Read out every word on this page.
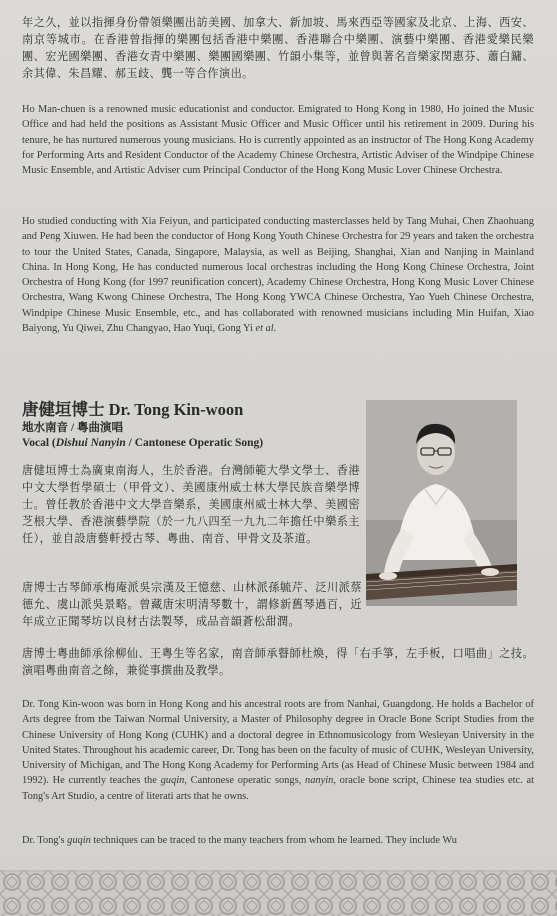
年之久，並以指揮身份帶領樂團出訪美國、加拿大、新加坡、馬來西亞等國家及北京、上海、西安、南京等城市。在香港曾指揮的樂團包括香港中樂團、香港聯合中樂團、演藝中樂團、香港愛樂民樂團、宏光國樂團、香港女青中樂團、樂團國樂團、竹韻小集等，並曾與著名音樂家閔惠芬、蕭白鏞、余其偉、朱昌耀、郝玉歧、龔一等合作演出。
Ho Man-chuen is a renowned music educationist and conductor. Emigrated to Hong Kong in 1980, Ho joined the Music Office and had held the positions as Assistant Music Officer and Music Officer until his retirement in 2009. During his tenure, he has nurtured numerous young musicians. Ho is currently appointed as an instructor of The Hong Kong Academy for Performing Arts and Resident Conductor of the Academy Chinese Orchestra, Artistic Adviser of the Windpipe Chinese Music Ensemble, and Artistic Adviser cum Principal Conductor of the Hong Kong Music Lover Chinese Orchestra.
Ho studied conducting with Xia Feiyun, and participated conducting masterclasses held by Tang Muhai, Chen Zhaohuang and Peng Xiuwen. He had been the conductor of Hong Kong Youth Chinese Orchestra for 29 years and taken the orchestra to tour the United States, Canada, Singapore, Malaysia, as well as Beijing, Shanghai, Xian and Nanjing in Mainland China. In Hong Kong, He has conducted numerous local orchestras including the Hong Kong Chinese Orchestra, Joint Orchestra of Hong Kong (for 1997 reunification concert), Academy Chinese Orchestra, Hong Kong Music Lover Chinese Orchestra, Wang Kwong Chinese Orchestra, The Hong Kong YWCA Chinese Orchestra, Yao Yueh Chinese Orchestra, Windpipe Chinese Music Ensemble, etc., and has collaborated with renowned musicians including Min Huifan, Xiao Baiyong, Yu Qiwei, Zhu Changyao, Hao Yuqi, Gong Yi et al.
唐健垣博士 Dr. Tong Kin-woon
地水南音 / 粵曲演唱
Vocal (Dishui Nanyin / Cantonese Operatic Song)
唐健垣博士為廣東南海人，生於香港。台灣師範大學文學士、香港中文大學哲學碩士（甲骨文）、美國康州威士林大學民族音樂學博士。曾任教於香港中文大學音樂系，美國康州威士林大學、美國密芝根大學、香港演藝學院（於一九八四至一九九二年擔任中樂系主任），並自設唐藝軒授古琴、粵曲、南音、甲骨文及茶道。
唐博士古琴師承梅庵派吳宗漢及王憶慈、山林派孫毓芹、泛川派蔡德允、虞山派吳景略。曾藏唐宋明清琴數十，謂修新舊琴過百，近年成立正聞琴坊以良材古法製琴，成品音韻蒼松甜潤。
唐博士粵曲師承徐柳仙、王粵生等名家，南音師承瞽師杜煥，得「右手箏，左手板，口唱曲」之技。演唱粵曲南音之餘，兼從事撰曲及教學。
Dr. Tong Kin-woon was born in Hong Kong and his ancestral roots are from Nanhai, Guangdong. He holds a Bachelor of Arts degree from the Taiwan Normal University, a Master of Philosophy degree in Oracle Bone Script Studies from the Chinese University of Hong Kong (CUHK) and a doctoral degree in Ethnomusicology from Wesleyan University in the United States. Throughout his academic career, Dr. Tong has been on the faculty of music of CUHK, Wesleyan University, University of Michigan, and The Hong Kong Academy for Performing Arts (as Head of Chinese Music between 1984 and 1992). He currently teaches the guqin, Cantonese operatic songs, nanyin, oracle bone script, Chinese tea studies etc. at Tong's Art Studio, a centre of literati arts that he owns.
Dr. Tong's guqin techniques can be traced to the many teachers from whom he learned. They include Wu
